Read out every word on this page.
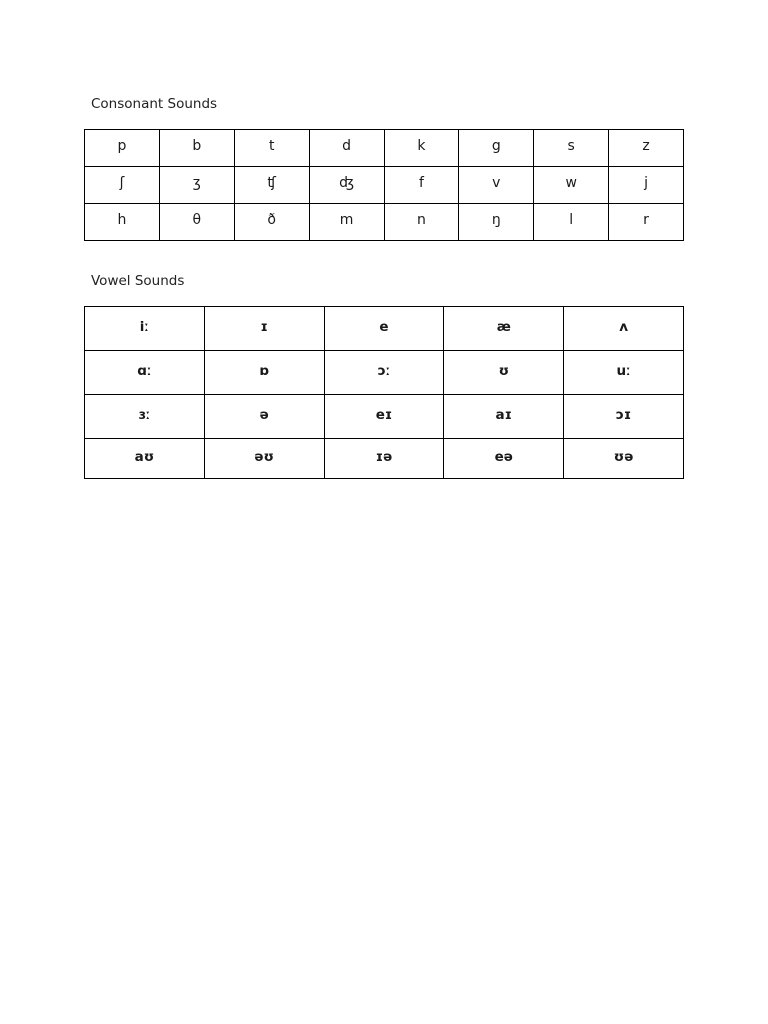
Consonant Sounds
p	b	t	d	k	g	s	z
ʃ	ʒ	ʧ	ʤ	f	v	w	j
h	θ	ð	m	n	ŋ	l	r
Vowel Sounds
iː	ɪ	e	æ	ʌ
ɑː	ɒ	ɔː	ʊ	uː
ɜː	ə	eɪ	aɪ	ɔɪ
aʊ	əʊ	ɪə	eə	ʊə
